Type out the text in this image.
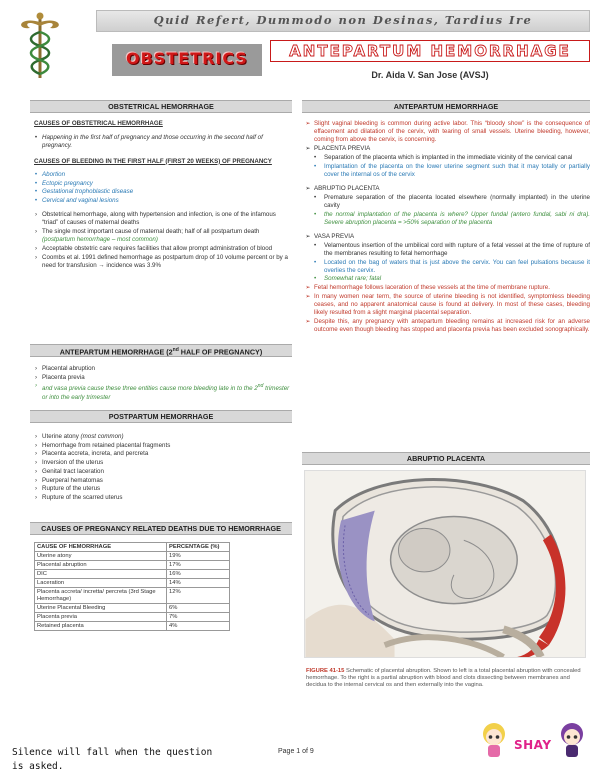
Quid Refert, Dummodo non Desinas, Tardius Ire
OBSTETRICS	ANTEPARTUM HEMORRHAGE
Dr. Aida V. San Jose (AVSJ)
OBSTETRICAL HEMORRHAGE
CAUSES OF OBSTETRICAL HEMORRHAGE
• Happening in the first half of pregnancy and those occurring in the second half of pregnancy.
CAUSES OF BLEEDING IN THE FIRST HALF (FIRST 20 WEEKS) OF PREGNANCY
• Abortion
• Ectopic pregnancy
• Gestational trophoblastic disease
• Cervical and vaginal lesions
› Obstetrical hemorrhage, along with hypertension and infection, is one of the infamous “triad” of causes of maternal deaths
› The single most important cause of maternal death; half of all postpartum death (postpartum hemorrhage – most common)
› Acceptable obstetric care requires facilities that allow prompt administration of blood
› Coombs et al. 1991 defined hemorrhage as postpartum drop of 10 volume percent or by a need for transfusion → incidence was 3.9%
ANTEPARTUM HEMORRHAGE (2nd HALF OF PREGNANCY)
› Placental abruption
› Placenta previa
› and vasa previa cause these three entities cause more bleeding late in to the 2nd trimester or into the early trimester
POSTPARTUM HEMORRHAGE
› Uterine atony (most common)
› Hemorrhage from retained placental fragments
› Placenta accreta, increta, and percreta
› Inversion of the uterus
› Genital tract laceration
› Puerperal hematomas
› Rupture of the uterus
› Rupture of the scarred uterus
CAUSES OF PREGNANCY RELATED DEATHS DUE TO HEMORRHAGE
CAUSE OF HEMORRHAGE	PERCENTAGE (%)
Uterine atony	19%
Placental abruption	17%
DIC	16%
Laceration	14%
Placenta accreta/ incretta/ percreta (3rd Stage Hemorrhage)	12%
Uterine Placental Bleeding	6%
Placenta previa	7%
Retained placenta	4%
ANTEPARTUM HEMORRHAGE
➢ Slight vaginal bleeding is common during active labor. This “bloody show” is the consequence of effacement and dilatation of the cervix, with tearing of small vessels. Uterine bleeding, however, coming from above the cervix, is concerning.
➢ PLACENTA PREVIA
• Separation of the placenta which is implanted in the immediate vicinity of the cervical canal
• Implantation of the placenta on the lower uterine segment such that it may totally or partially cover the internal os of the cervix
➢ ABRUPTIO PLACENTA
• Premature separation of the placenta located elsewhere (normally implanted) in the uterine cavity
• the normal implantation of the placenta is where? Upper fundal (antero fundal, sabi ni dra). Severe abruption placenta = >50% separation of the placenta
➢ VASA PREVIA
• Velamentous insertion of the umbilical cord with rupture of a fetal vessel at the time of rupture of the membranes resulting to fetal hemorrhage
• Located on the bag of waters that is just above the cervix. You can feel pulsations because it overlies the cervix.
• Somewhat rare; fatal
➢ Fetal hemorrhage follows laceration of these vessels at the time of membrane rupture.
➢ In many women near term, the source of uterine bleeding is not identified, symptomless bleeding ceases, and no apparent anatomical cause is found at delivery. In most of these cases, bleeding likely resulted from a slight marginal placental separation.
➢ Despite this, any pregnancy with antepartum bleeding remains at increased risk for an adverse outcome even though bleeding has stopped and placenta previa has been excluded sonographically.
ABRUPTIO PLACENTA
FIGURE 41-15 Schematic of placental abruption. Shown to left is a total placental abruption with concealed hemorrhage. To the right is a partial abruption with blood and clots dissecting between membranes and decidua to the internal cervical os and then externally into the vagina.
Silence will fall when the question
is asked.
Page 1 of 9	SHAY
